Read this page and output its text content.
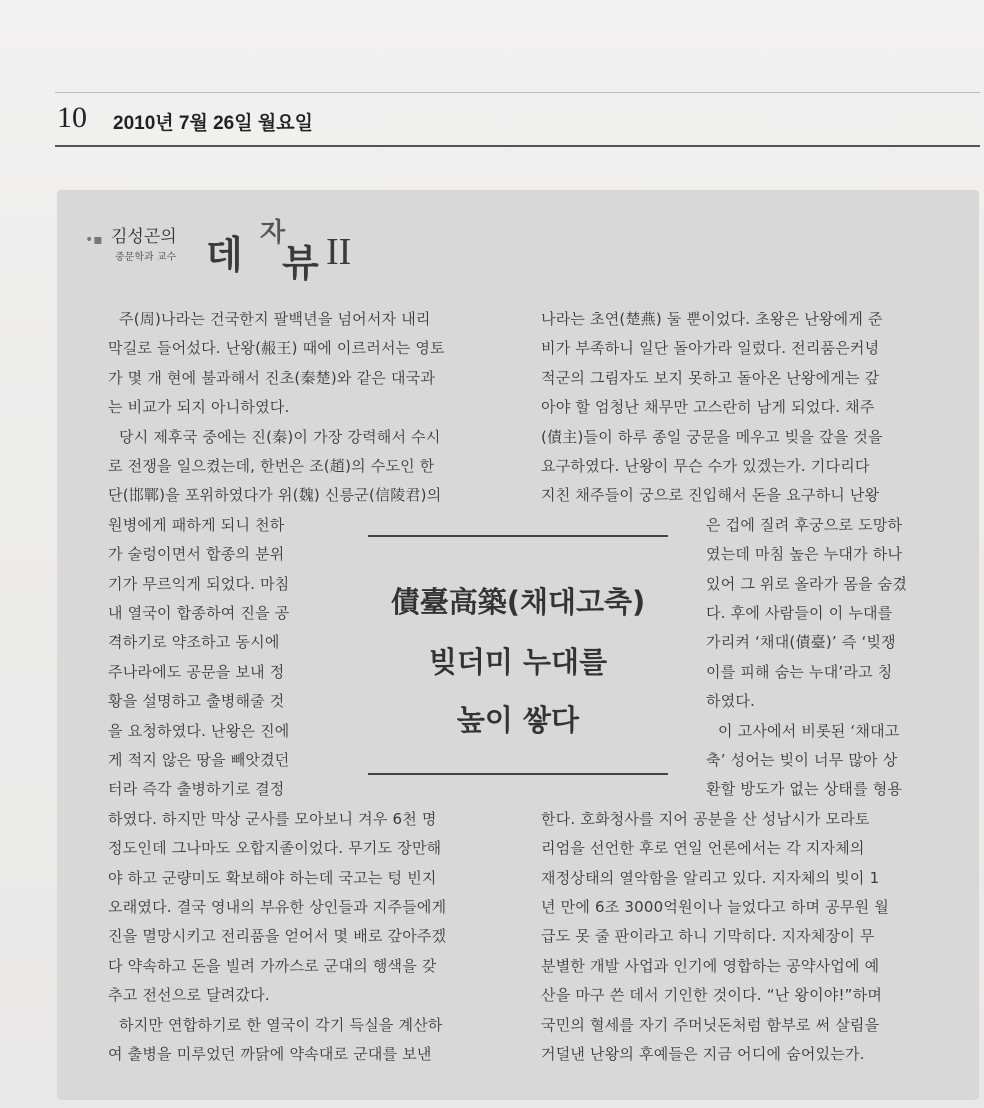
10 2010년 7월 26일 월요일
•▪ 김성곤의
중문학과 교수 데 자
뷰 II
주(周)나라는 건국한지 팔백년을 넘어서자 내리
막길로 들어섰다. 난왕(赧王) 때에 이르러서는 영토
가 몇 개 현에 불과해서 진초(秦楚)와 같은 대국과
는 비교가 되지 아니하였다.
당시 제후국 중에는 진(秦)이 가장 강력해서 수시
로 전쟁을 일으켰는데, 한번은 조(趙)의 수도인 한
단(邯鄲)을 포위하였다가 위(魏) 신릉군(信陵君)의
원병에게 패하게 되니 천하
가 술렁이면서 합종의 분위
기가 무르익게 되었다. 마침
내 열국이 합종하여 진을 공
격하기로 약조하고 동시에
주나라에도 공문을 보내 정
황을 설명하고 출병해줄 것
을 요청하였다. 난왕은 진에
게 적지 않은 땅을 빼앗겼던
터라 즉각 출병하기로 결정
하였다. 하지만 막상 군사를 모아보니 겨우 6천 명
정도인데 그나마도 오합지졸이었다. 무기도 장만해
야 하고 군량미도 확보해야 하는데 국고는 텅 빈지
오래였다. 결국 영내의 부유한 상인들과 지주들에게
진을 멸망시키고 전리품을 얻어서 몇 배로 갚아주겠
다 약속하고 돈을 빌려 가까스로 군대의 행색을 갖
추고 전선으로 달려갔다.
하지만 연합하기로 한 열국이 각기 득실을 계산하
여 출병을 미루었던 까닭에 약속대로 군대를 보낸
나라는 초연(楚燕) 둘 뿐이었다. 초왕은 난왕에게 준
비가 부족하니 일단 돌아가라 일렀다. 전리품은커녕
적군의 그림자도 보지 못하고 돌아온 난왕에게는 갚
아야 할 엄청난 채무만 고스란히 남게 되었다. 채주
(債主)들이 하루 종일 궁문을 메우고 빚을 갚을 것을
요구하였다. 난왕이 무슨 수가 있겠는가. 기다리다
지친 채주들이 궁으로 진입해서 돈을 요구하니 난왕
은 겁에 질려 후궁으로 도망하
였는데 마침 높은 누대가 하나
있어 그 위로 올라가 몸을 숨겼
다. 후에 사람들이 이 누대를
가리켜 ‘채대(債臺)’ 즉 ‘빚쟁
이를 피해 숨는 누대’라고 칭
하였다.
이 고사에서 비롯된 ‘채대고
축’ 성어는 빚이 너무 많아 상
환할 방도가 없는 상태를 형용
한다. 호화청사를 지어 공분을 산 성남시가 모라토
리엄을 선언한 후로 연일 언론에서는 각 지자체의
재정상태의 열악함을 알리고 있다. 지자체의 빚이 1
년 만에 6조 3000억원이나 늘었다고 하며 공무원 월
급도 못 줄 판이라고 하니 기막히다. 지자체장이 무
분별한 개발 사업과 인기에 영합하는 공약사업에 예
산을 마구 쓴 데서 기인한 것이다. “난 왕이야!”하며
국민의 혈세를 자기 주머닛돈처럼 함부로 써 살림을
거덜낸 난왕의 후예들은 지금 어디에 숨어있는가.
債臺高築(채대고축)
빚더미 누대를
높이 쌓다
